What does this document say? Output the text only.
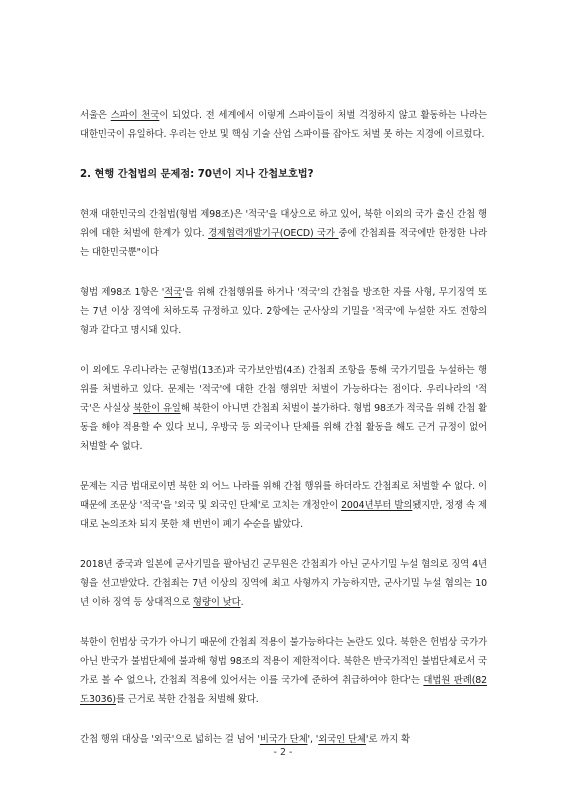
서울은 스파이 천국이 되었다. 전 세계에서 이렇게 스파이들이 처벌 걱정하지 않고 활동하는 나라는 대한민국이 유일하다. 우리는 안보 및 핵심 기술 산업 스파이를 잡아도 처벌 못 하는 지경에 이르렀다.

2. 현행 간첩법의 문제점: 70년이 지나 간첩보호법?

현재 대한민국의 간첩법(형법 제98조)은 '적국'을 대상으로 하고 있어, 북한 이외의 국가 출신 간첩 행위에 대한 처벌에 한계가 있다. 경제협력개발기구(OECD) 국가 중에 간첩죄를 적국에만 한정한 나라는 대한민국뿐"이다

형법 제98조 1항은 '적국'을 위해 간첩행위를 하거나 '적국'의 간첩을 방조한 자를 사형, 무기징역 또는 7년 이상 징역에 처하도록 규정하고 있다. 2항에는 군사상의 기밀을 '적국'에 누설한 자도 전항의 형과 같다고 명시돼 있다.

이 외에도 우리나라는 군형법(13조)과 국가보안법(4조) 간첩죄 조항을 통해 국가기밀을 누설하는 행위를 처벌하고 있다. 문제는 '적국'에 대한 간첩 행위만 처벌이 가능하다는 점이다. 우리나라의 '적국'은 사실상 북한이 유일해 북한이 아니면 간첩죄 처벌이 불가하다. 형법 98조가 적국을 위해 간첩 활동을 해야 적용할 수 있다 보니, 우방국 등 외국이나 단체를 위해 간첩 활동을 해도 근거 규정이 없어 처벌할 수 없다.

문제는 지금 법대로이면 북한 외 어느 나라를 위해 간첩 행위를 하더라도 간첩죄로 처벌할 수 없다. 이 때문에 조문상 '적국'을 '외국 및 외국인 단체'로 고치는 개정안이 2004년부터 발의됐지만, 정쟁 속 제대로 논의조차 되지 못한 채 번번이 폐기 수순을 밟았다.

2018년 중국과 일본에 군사기밀을 팔아넘긴 군무원은 간첩죄가 아닌 군사기밀 누설 혐의로 징역 4년형을 선고받았다. 간첩죄는 7년 이상의 징역에 최고 사형까지 가능하지만, 군사기밀 누설 혐의는 10년 이하 징역 등 상대적으로 형량이 낮다.

북한이 헌법상 국가가 아니기 때문에 간첩죄 적용이 불가능하다는 논란도 있다. 북한은 헌법상 국가가 아닌 반국가 불법단체에 불과해 형법 98조의 적용이 제한적이다. 북한은 반국가적인 불법단체로서 국가로 볼 수 없으나, 간첩죄 적용에 있어서는 이를 국가에 준하여 취급하여야 한다'는 대법원 판례(82도3036)를 근거로 북한 간첩을 처벌해 왔다.

간첩 행위 대상을 '외국'으로 넓히는 걸 넘어 '비국가 단체', '외국인 단체'로 까지 확

- 2 -
